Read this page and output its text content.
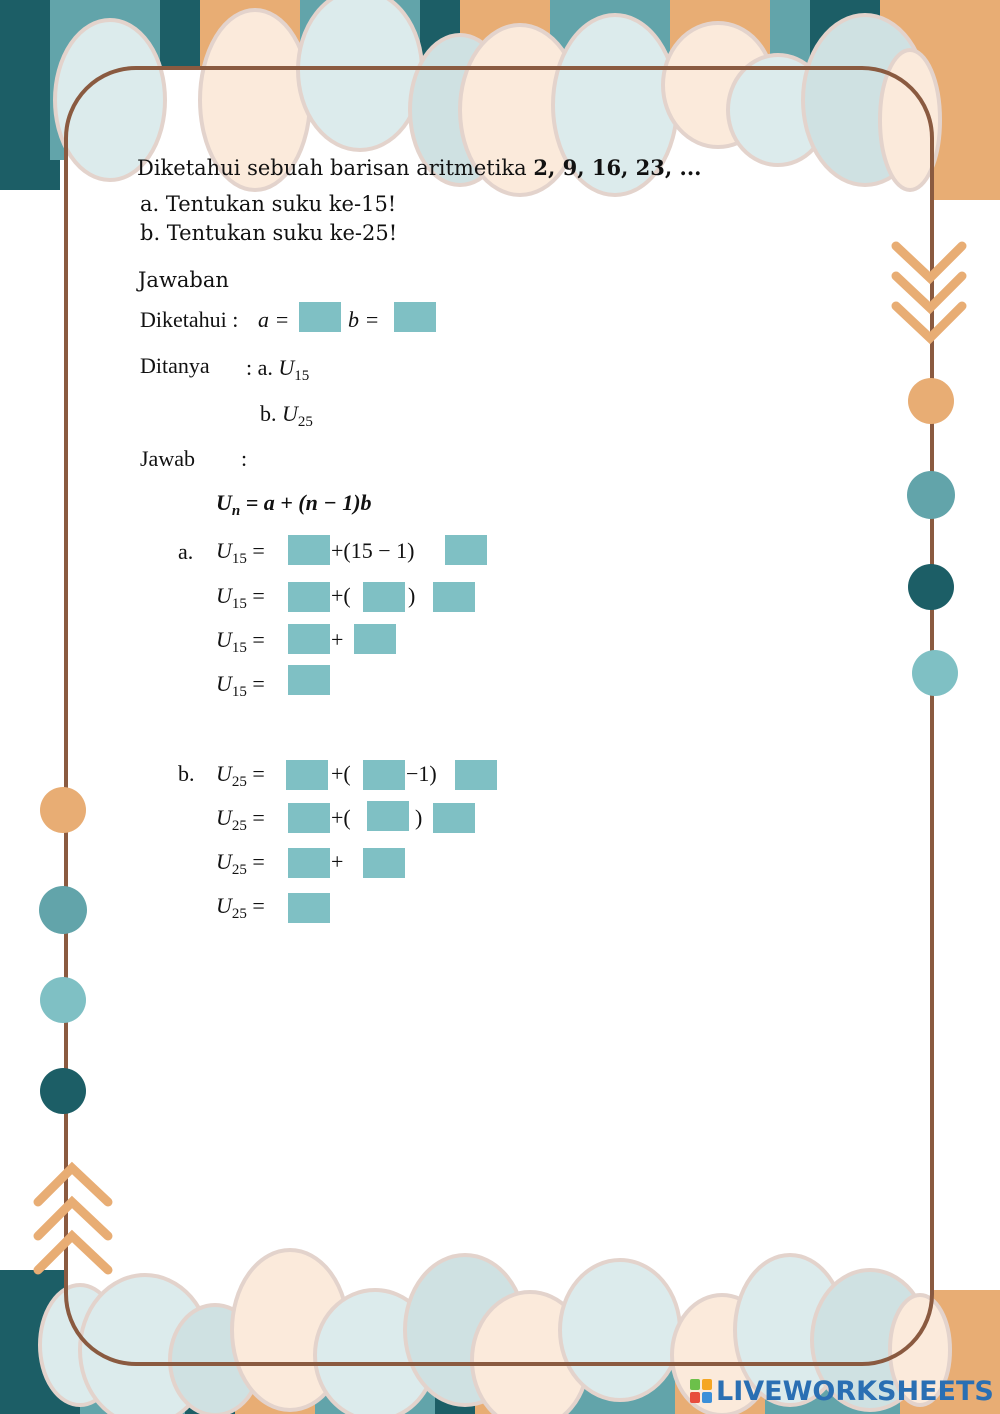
Diketahui sebuah barisan aritmetika 2, 9, 16, 23, ...
a. Tentukan suku ke-15!
b. Tentukan suku ke-25!
Jawaban
Diketahui : a =	b =
Ditanya : a. $U_{15}$
b. $U_{25}$
Jawab :
$U_n = a + (n - 1)b$
a. $U_{15}$ =	+(15 − 1)
$U_{15}$ =	+(	)
$U_{15}$ =	+
$U_{15}$ =
b. $U_{25}$ =	+(	−1)
$U_{25}$ =	+(	)
$U_{25}$ =	+
$U_{25}$ =
LIVEWORKSHEETS
